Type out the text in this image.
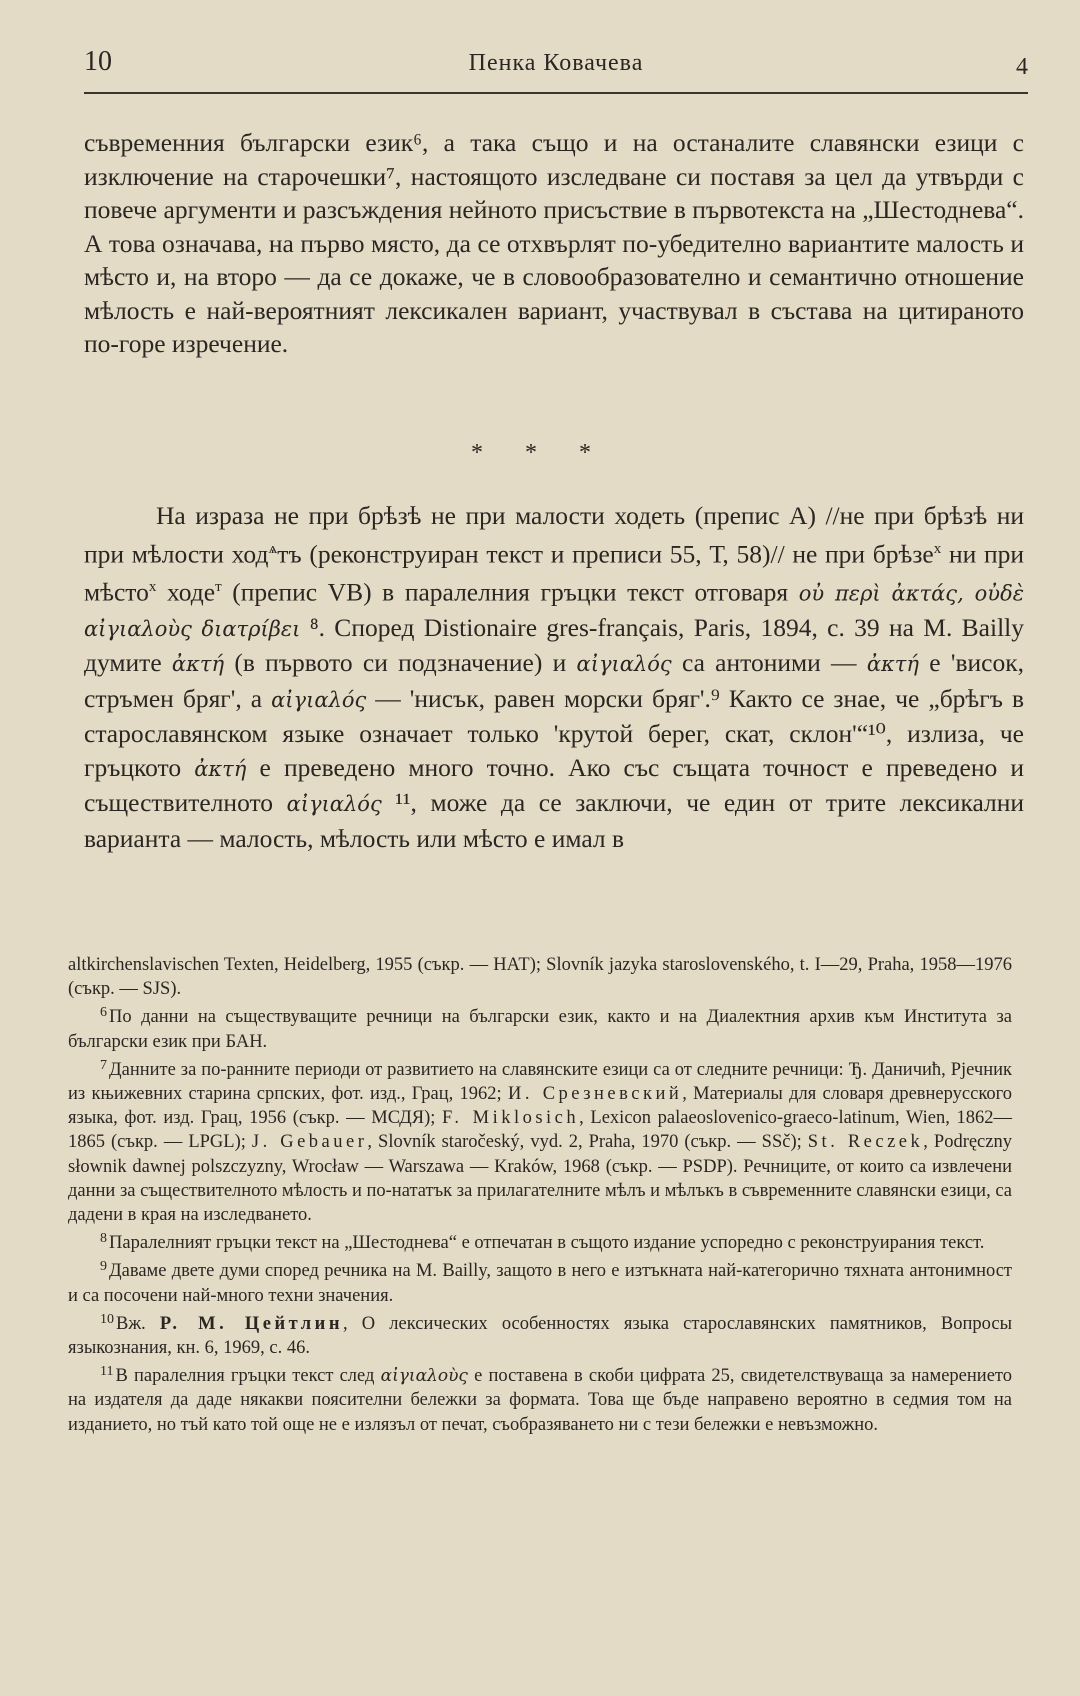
10	Пенка Ковачева	4
съвременния български език⁶, а така също и на останалите славянски езици с изключение на старочешки⁷, настоящото изследване си поставя за цел да утвърди с повече аргументи и разсъждения нейното присъствие в първотекста на „Шестоднева“. А това означава, на първо място, да се отхвърлят по-убедително вариантите малость и мѣсто и, на второ — да се докаже, че в словообразователно и семантично отношение мѣлость е най-вероятният лексикален вариант, участвувал в състава на цитираното по-горе изречение.
* * *
На израза не при брѣзѣ не при малости ходеть (препис А) //не при брѣзѣ ни при мѣлости ход$^ѧ$тъ (реконструиран текст и преписи 55, Т, 58)// не при брѣзе$^х$ ни при мѣсто$^х$ ходе$^т$ (препис VB) в паралелния гръцки текст отговаря οὐ περὶ ἀκτάς, οὐδὲ αἰγιαλοὺς διατρίβει ⁸. Според Distionaire gres-français, Paris, 1894, с. 39 на М. Bailly думите ἀκτή (в първото си подзначение) и αἰγιαλός са антоними — ἀκτή е 'висок, стръмен бряг', а αἰγιαλός — 'нисък, равен морски бряг'.⁹ Както се знае, че „брѣгъ в старославянском языке означает только 'крутой берег, скат, склон'“¹⁰, излиза, че гръцкото ἀκτή е преведено много точно. Ако със същата точност е преведено и съществителното αἰγιαλός ¹¹, може да се заключи, че един от трите лексикални варианта — малость, мѣлость или мѣсто е имал в

altkirchenslavischen Texten, Heidelberg, 1955 (съкр. — НАТ); Slovník jazyka staroslovenského, t. I—29, Praha, 1958—1976 (съкр. — SJS).

$^6$ По данни на съществуващите речници на български език, както и на Диалектния архив към Института за български език при БАН.

$^7$ Данните за по-ранните периоди от развитието на славянските езици са от следните речници: Ђ. Даничић, Рјечник из књижевних старина српских, фот. изд., Грац, 1962; И. Срезневский, Материалы для словаря древнерусского языка, фот. изд. Грац, 1956 (съкр. — МСДЯ); F. Miklosich, Lexicon palaeoslovenico-graeco-latinum, Wien, 1862—1865 (съкр. — LPGL); J. Gebauer, Slovník staročeský, vyd. 2, Praha, 1970 (съкр. — SSč); St. Reczek, Podręczny słownik dawnej polszczyzny, Wrocław — Warszawa — Kraków, 1968 (съкр. — PSDP). Речниците, от които са извлечени данни за съществителното мѣлость и по-нататък за прилагателните мѣлъ и мѣлъкъ в съвременните славянски езици, са дадени в края на изследването.

$^8$ Паралелният гръцки текст на „Шестоднева“ е отпечатан в същото издание успоредно с реконструирания текст.

$^9$ Даваме двете думи според речника на М. Bailly, защото в него е изтъкната най-категорично тяхната антонимност и са посочени най-много техни значения.

$^{10}$ Вж. Р. М. Цейтлин, О лексических особенностях языка старославянских памятников, Вопросы языкознания, кн. 6, 1969, с. 46.

$^{11}$ В паралелния гръцки текст след αἰγιαλοὺς е поставена в скоби цифрата 25, свидетелствуваща за намерението на издателя да даде някакви поясителни бележки за формата. Това ще бъде направено вероятно в седмия том на изданието, но тъй като той още не е излязъл от печат, съобразяването ни с тези бележки е невъзможно.
